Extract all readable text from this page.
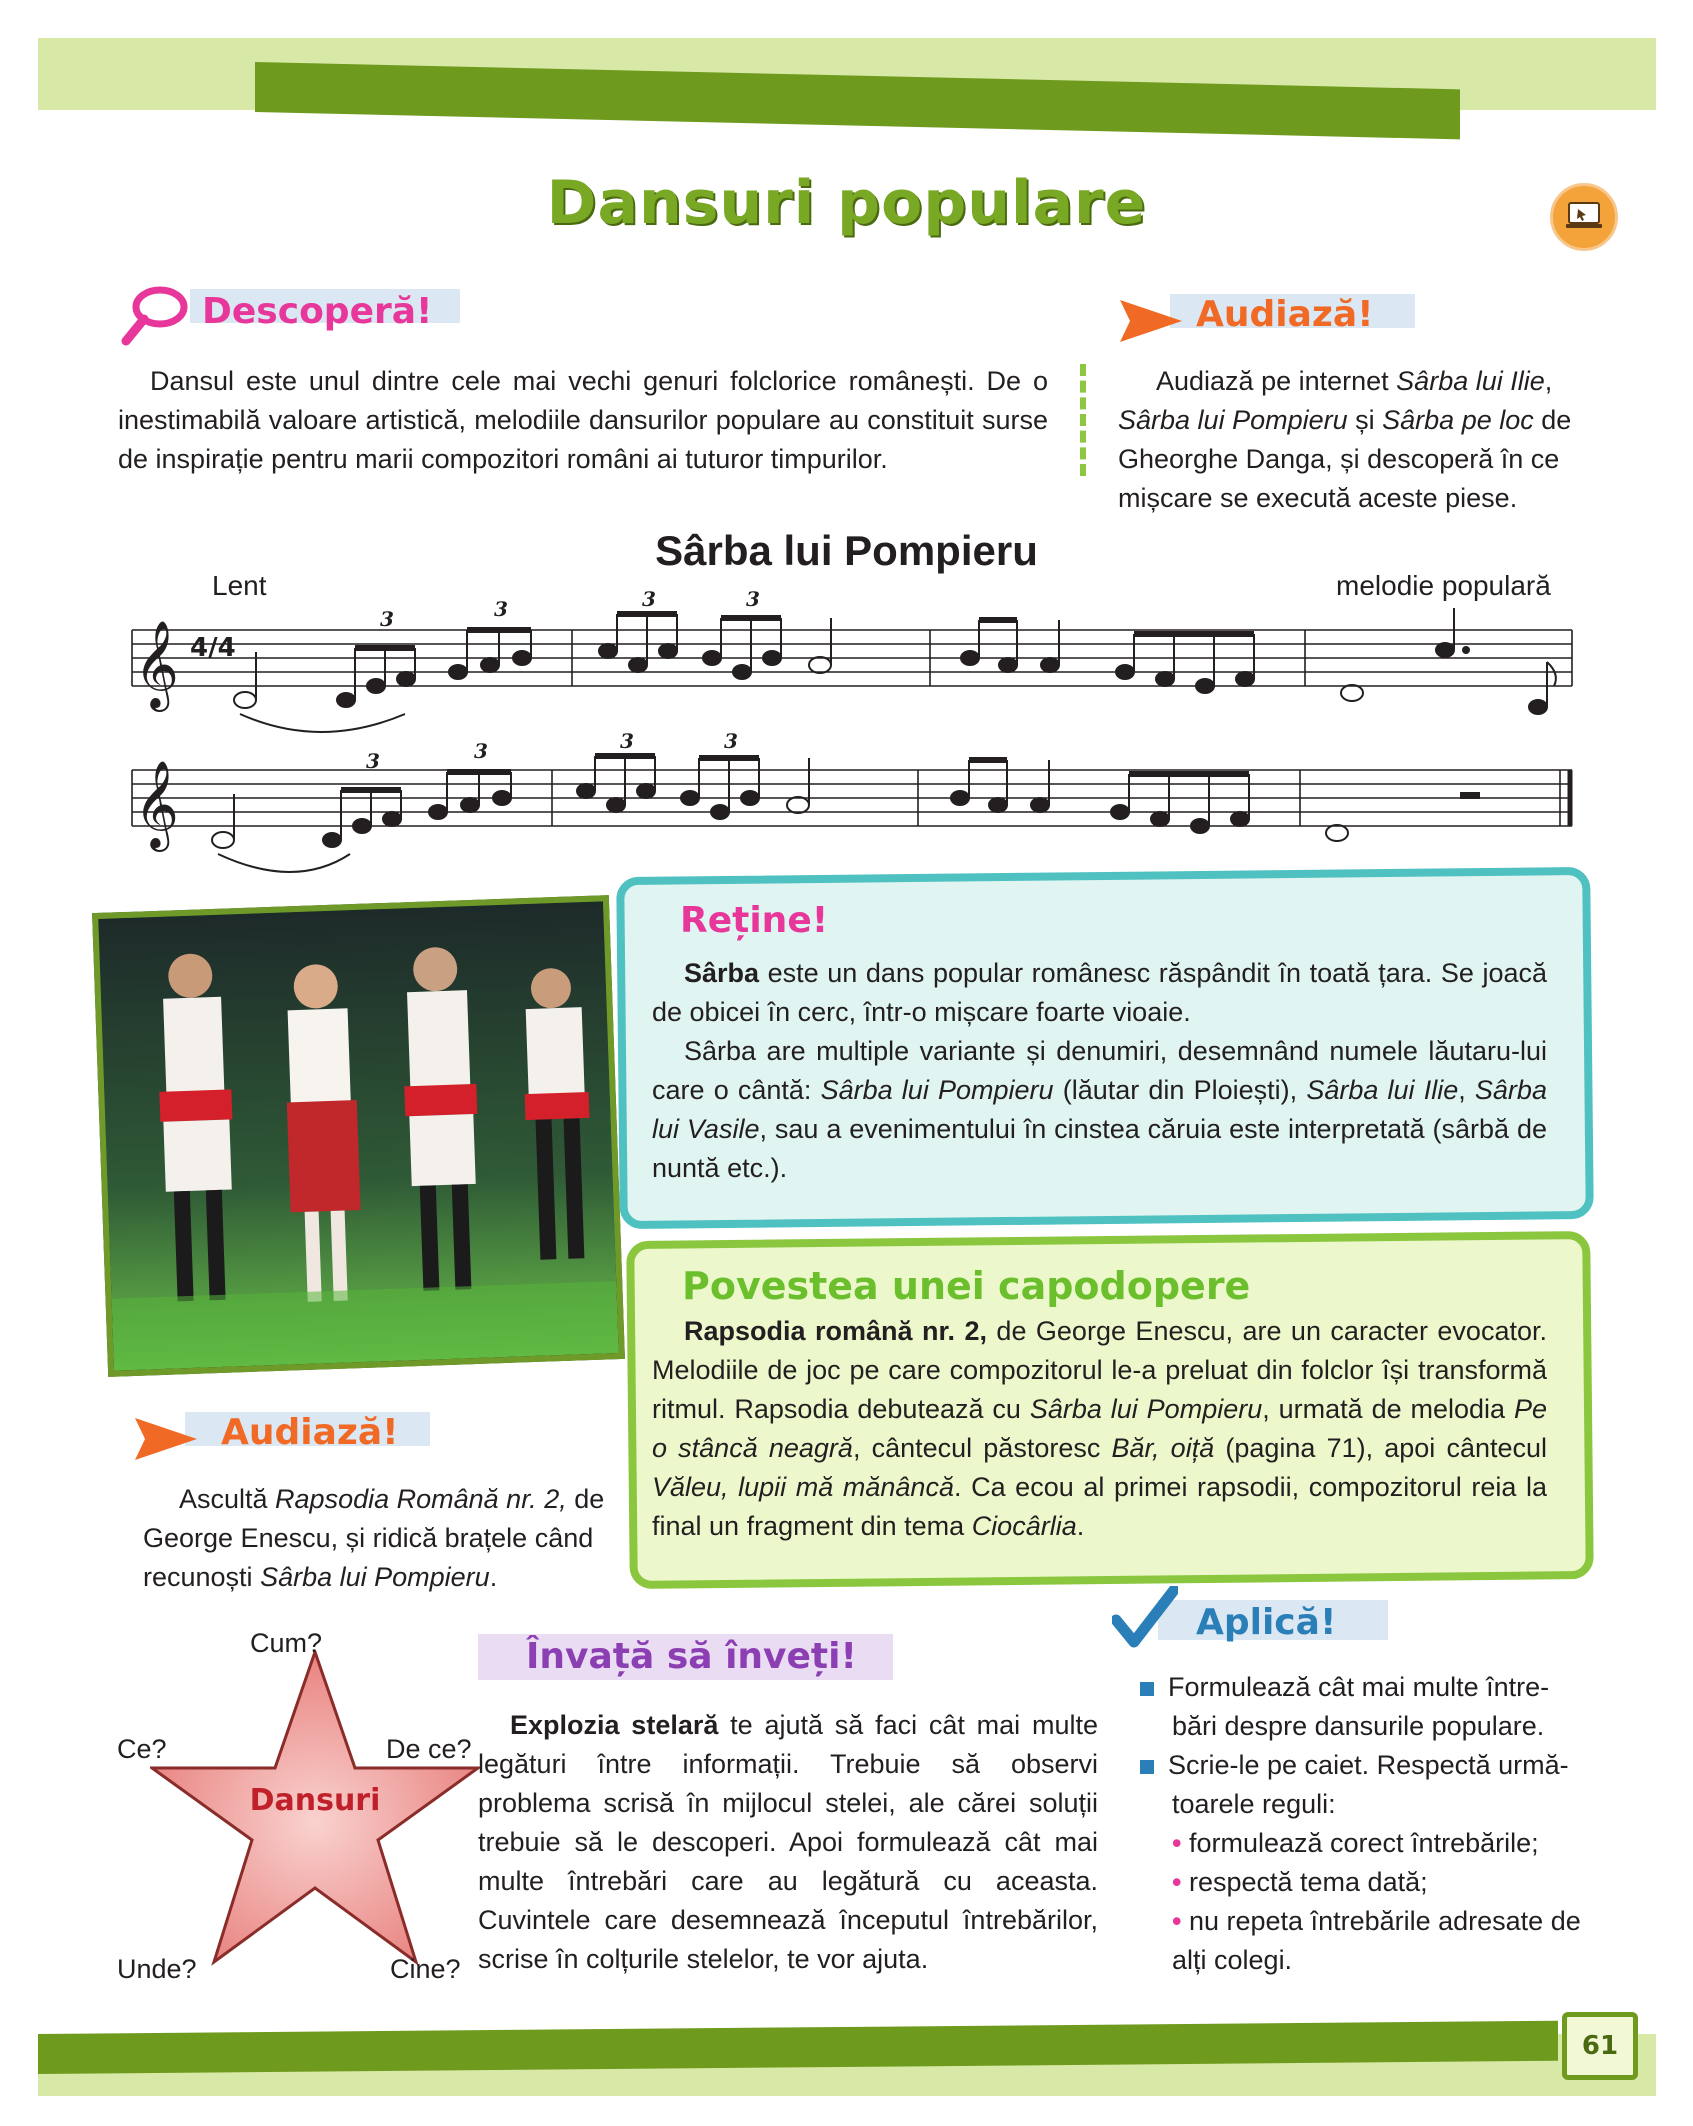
Dansuri populare
Descoperă!
Dansul este unul dintre cele mai vechi genuri folclorice românești. De o inestimabilă valoare artistică, melodiile dansurilor populare au constituit surse de inspirație pentru marii compozitori români ai tuturor timpurilor.
Audiază!

Audiază pe internet Sârba lui Ilie,

Sârba lui Pompieru și Sârba pe loc de

Gheorghe Danga, și descoperă în ce

mișcare se execută aceste piese.

Sârba lui Pompieru
Lent	melodie populară
𝄞
𝄞
4/4
3	3	3	3
3	3	3	3
Reține!

Sârba este un dans popular românesc răspândit în toată țara. Se joacă de obicei în cerc, într-o mișcare foarte vioaie.

Sârba are multiple variante și denumiri, desemnând numele lăutaru-lui care o cântă: Sârba lui Pompieru (lăutar din Ploiești), Sârba lui Ilie, Sârba lui Vasile, sau a evenimentului în cinstea căruia este interpretată (sârbă de nuntă etc.).

Povestea unei capodopere

Rapsodia română nr. 2, de George Enescu, are un caracter evocator. Melodiile de joc pe care compozitorul le-a preluat din folclor își transformă ritmul. Rapsodia debutează cu Sârba lui Pompieru, urmată de melodia Pe o stâncă neagră, cântecul păstoresc Băr, oiță (pagina 71), apoi cântecul Văleu, lupii mă mănâncă. Ca ecou al primei rapsodii, compozitorul reia la final un fragment din tema Ciocârlia.

Audiază!

Ascultă Rapsodia Română nr. 2, de George Enescu, și ridică brațele când recunoști Sârba lui Pompieru.

Dansuri
Cum?
Ce?	De ce?
Unde?	Cine?
Învață să înveți!

Explozia stelară te ajută să faci cât mai multe legături între informații. Trebuie să observi problema scrisă în mijlocul stelei, ale cărei soluții trebuie să le descoperi. Apoi formulează cât mai multe întrebări care au legătură cu aceasta. Cuvintele care desemnează începutul întrebărilor, scrise în colțurile stelelor, te vor ajuta.

Aplică!
Formulează cât mai multe între-bări despre dansurile populare.
Scrie-le pe caiet. Respectă urmă-toarele reguli:
• formulează corect întrebările;
• respectă tema dată;
• nu repeta întrebările adresate de alți colegi.
61
